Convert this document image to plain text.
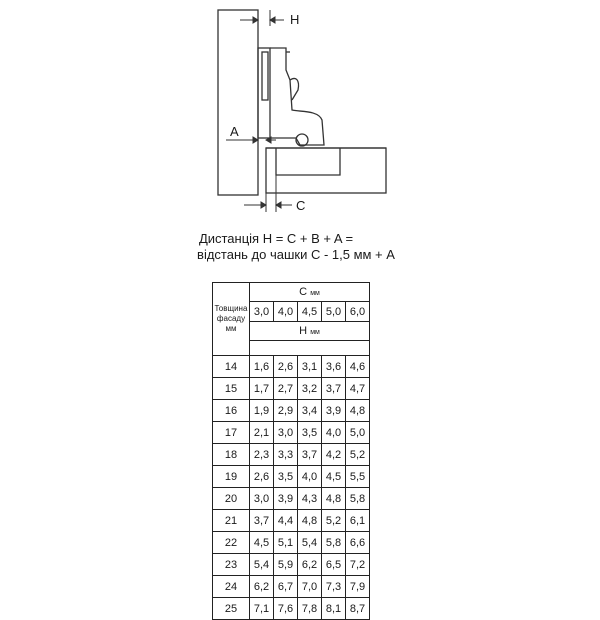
H
A
C
Дистанція H = C + B + A =
відстань до чашки C - 1,5 мм + A
Товщина
фасаду
мм	C мм				
	3,0	4,0	4,5	5,0	6,0
	H мм				

14	1,6	2,6	3,1	3,6	4,6
15	1,7	2,7	3,2	3,7	4,7
16	1,9	2,9	3,4	3,9	4,8
17	2,1	3,0	3,5	4,0	5,0
18	2,3	3,3	3,7	4,2	5,2
19	2,6	3,5	4,0	4,5	5,5
20	3,0	3,9	4,3	4,8	5,8
21	3,7	4,4	4,8	5,2	6,1
22	4,5	5,1	5,4	5,8	6,6
23	5,4	5,9	6,2	6,5	7,2
24	6,2	6,7	7,0	7,3	7,9
25	7,1	7,6	7,8	8,1	8,7
